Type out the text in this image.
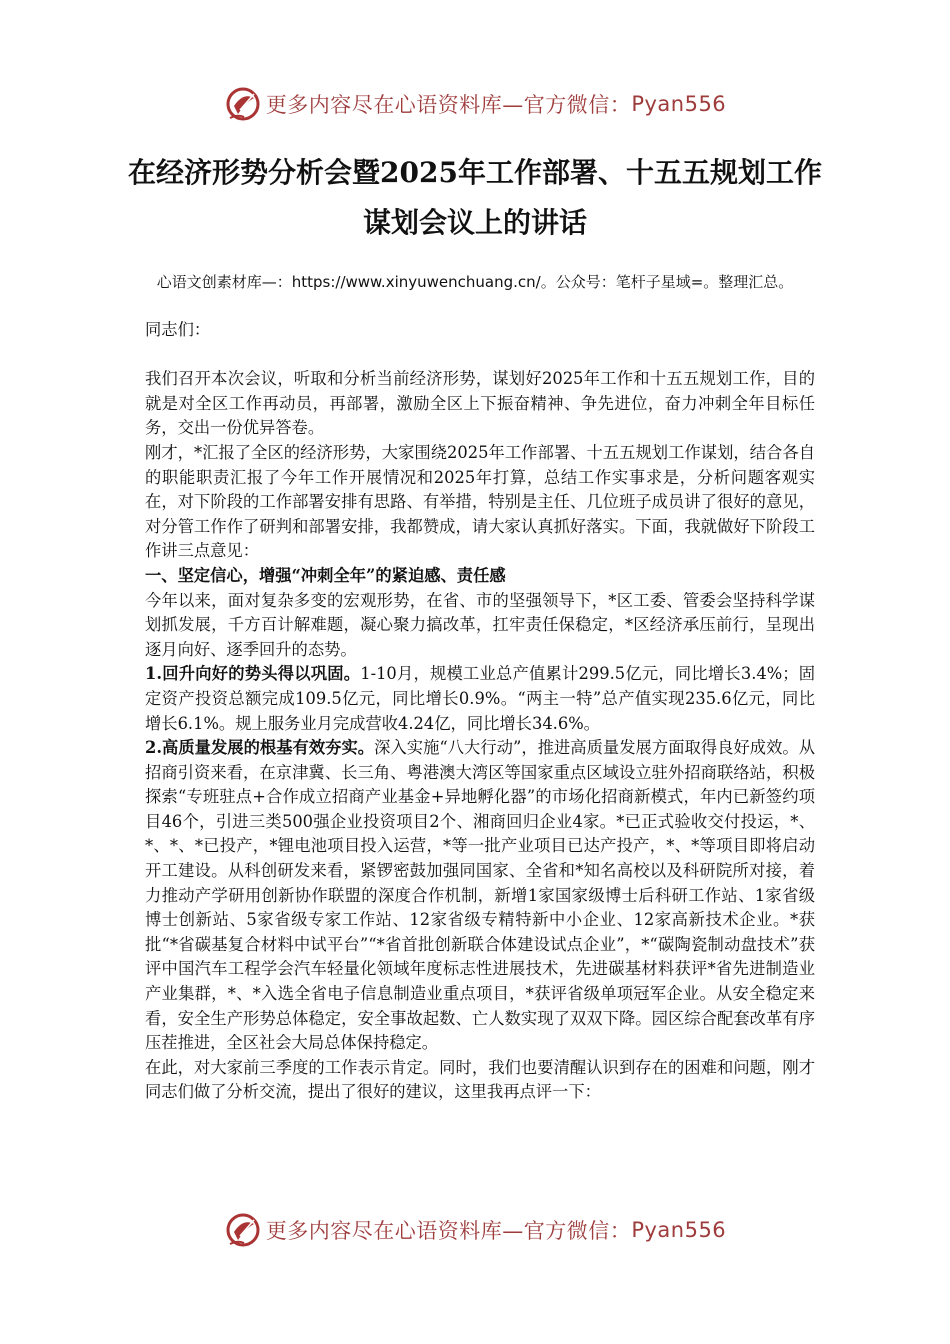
更多内容尽在心语资料库—官方微信： Pyan556
在经济形势分析会暨2025年工作部署、十五五规划工作谋划会议上的讲话
心语文创素材库—：https://www.xinyuwenchuang.cn/。公众号：笔杆子星域=。整理汇总。

同志们：

我们召开本次会议，听取和分析当前经济形势，谋划好2025年工作和十五五规划工作，目的就是对全区工作再动员，再部署，激励全区上下振奋精神、争先进位，奋力冲刺全年目标任务，交出一份优异答卷。

刚才，*汇报了全区的经济形势，大家围绕2025年工作部署、十五五规划工作谋划，结合各自的职能职责汇报了今年工作开展情况和2025年打算，总结工作实事求是，分析问题客观实在，对下阶段的工作部署安排有思路、有举措，特别是主任、几位班子成员讲了很好的意见，对分管工作作了研判和部署安排，我都赞成，请大家认真抓好落实。下面，我就做好下阶段工作讲三点意见：

一、坚定信心，增强“冲刺全年”的紧迫感、责任感

今年以来，面对复杂多变的宏观形势，在省、市的坚强领导下，*区工委、管委会坚持科学谋划抓发展，千方百计解难题，凝心聚力搞改革，扛牢责任保稳定，*区经济承压前行，呈现出逐月向好、逐季回升的态势。

1.回升向好的势头得以巩固。1-10月，规模工业总产值累计299.5亿元，同比增长3.4%；固定资产投资总额完成109.5亿元，同比增长0.9%。“两主一特”总产值实现235.6亿元，同比增长6.1%。规上服务业月完成营收4.24亿，同比增长34.6%。

2.高质量发展的根基有效夯实。深入实施“八大行动”，推进高质量发展方面取得良好成效。从招商引资来看，在京津冀、长三角、粤港澳大湾区等国家重点区域设立驻外招商联络站，积极探索“专班驻点+合作成立招商产业基金+异地孵化器”的市场化招商新模式，年内已新签约项目46个，引进三类500强企业投资项目2个、湘商回归企业4家。*已正式验收交付投运，*、*、*、*已投产，*锂电池项目投入运营，*等一批产业项目已达产投产，*、*等项目即将启动开工建设。从科创研发来看，紧锣密鼓加强同国家、全省和*知名高校以及科研院所对接，着力推动产学研用创新协作联盟的深度合作机制，新增1家国家级博士后科研工作站、1家省级博士创新站、5家省级专家工作站、12家省级专精特新中小企业、12家高新技术企业。*获批“*省碳基复合材料中试平台”“*省首批创新联合体建设试点企业”，*“碳陶瓷制动盘技术”获评中国汽车工程学会汽车轻量化领域年度标志性进展技术，先进碳基材料获评*省先进制造业产业集群，*、*入选全省电子信息制造业重点项目，*获评省级单项冠军企业。从安全稳定来看，安全生产形势总体稳定，安全事故起数、亡人数实现了双双下降。园区综合配套改革有序压茬推进，全区社会大局总体保持稳定。

在此，对大家前三季度的工作表示肯定。同时，我们也要清醒认识到存在的困难和问题，刚才同志们做了分析交流，提出了很好的建议，这里我再点评一下：

更多内容尽在心语资料库—官方微信： Pyan556
